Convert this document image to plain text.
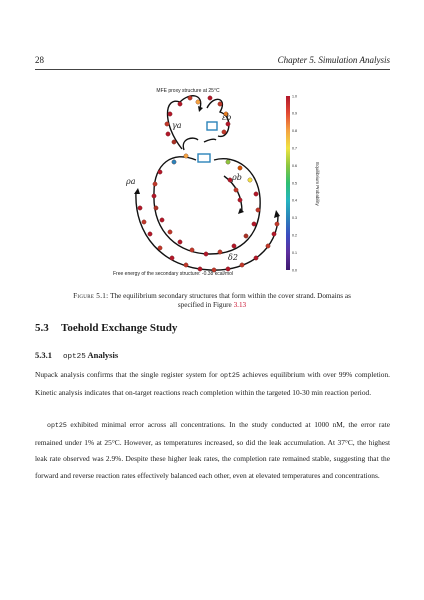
28	Chapter 5. Simulation Analysis
MFE proxy structure at 25°C
γa
εb
ρa	ρb
δ2
Free energy of the secondary structure: -0.38 kcal/mol
1.0
0.9
0.8
0.7
0.6
0.5
0.4
0.3
0.2
0.1
0.0
Equilibrium Probability
Figure 5.1: The equilibrium secondary structures that form within the cover strand. Domains as specified in Figure 3.13
5.3 Toehold Exchange Study
5.3.1 opt25 Analysis

Nupack analysis confirms that the single register system for opt25 achieves equilibrium with over 99% completion. Kinetic analysis indicates that on-target reactions reach completion within the targeted 10-30 min reaction period.

opt25 exhibited minimal error across all concentrations. In the study conducted at 1000 nM, the error rate remained under 1% at 25°C. However, as temperatures increased, so did the leak accumulation. At 37°C, the highest leak rate observed was 2.9%. Despite these higher leak rates, the completion rate remained stable, suggesting that the forward and reverse reaction rates effectively balanced each other, even at elevated temperatures and concentrations.
